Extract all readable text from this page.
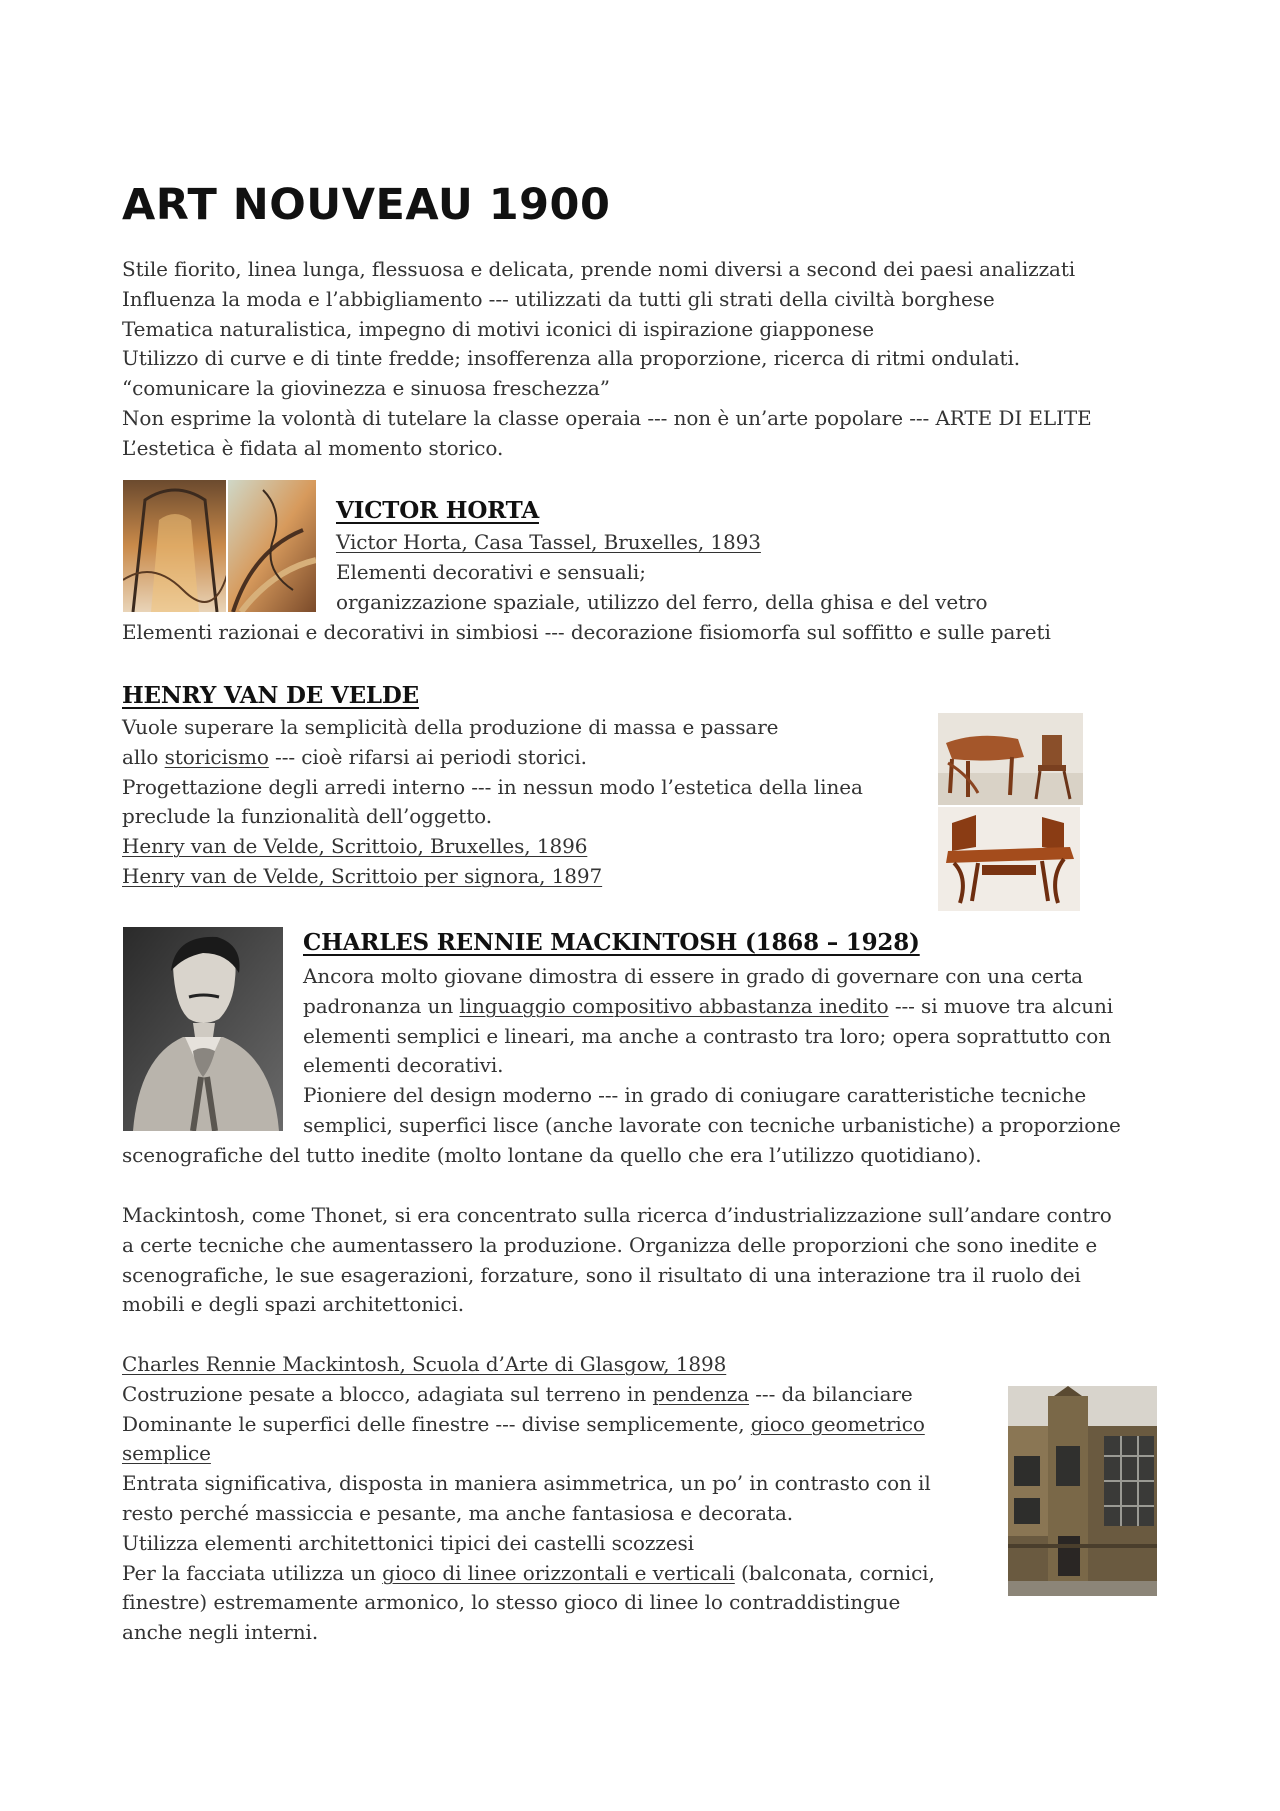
ART NOUVEAU 1900
Stile fiorito, linea lunga, flessuosa e delicata, prende nomi diversi a second dei paesi analizzati
Influenza la moda e l’abbigliamento --- utilizzati da tutti gli strati della civiltà borghese
Tematica naturalistica, impegno di motivi iconici di ispirazione giapponese
Utilizzo di curve e di tinte fredde; insofferenza alla proporzione, ricerca di ritmi ondulati.
“comunicare la giovinezza e sinuosa freschezza”
Non esprime la volontà di tutelare la classe operaia --- non è un’arte popolare --- ARTE DI ELITE
L’estetica è fidata al momento storico.
VICTOR HORTA
Victor Horta, Casa Tassel, Bruxelles, 1893
Elementi decorativi e sensuali;
organizzazione spaziale, utilizzo del ferro, della ghisa e del vetro
Elementi razionai e decorativi in simbiosi --- decorazione fisiomorfa sul soffitto e sulle pareti
HENRY VAN DE VELDE
Vuole superare la semplicità della produzione di massa e passare
allo storicismo --- cioè rifarsi ai periodi storici.
Progettazione degli arredi interno --- in nessun modo l’estetica della linea
preclude la funzionalità dell’oggetto.
Henry van de Velde, Scrittoio, Bruxelles, 1896
Henry van de Velde, Scrittoio per signora, 1897
CHARLES RENNIE MACKINTOSH (1868 – 1928)
Ancora molto giovane dimostra di essere in grado di governare con una certa
padronanza un linguaggio compositivo abbastanza inedito --- si muove tra alcuni
elementi semplici e lineari, ma anche a contrasto tra loro; opera soprattutto con
elementi decorativi.
Pioniere del design moderno --- in grado di coniugare caratteristiche tecniche
semplici, superfici lisce (anche lavorate con tecniche urbanistiche) a proporzione
scenografiche del tutto inedite (molto lontane da quello che era l’utilizzo quotidiano).
Mackintosh, come Thonet, si era concentrato sulla ricerca d’industrializzazione sull’andare contro
a certe tecniche che aumentassero la produzione. Organizza delle proporzioni che sono inedite e
scenografiche, le sue esagerazioni, forzature, sono il risultato di una interazione tra il ruolo dei
mobili e degli spazi architettonici.
Charles Rennie Mackintosh, Scuola d’Arte di Glasgow, 1898
Costruzione pesate a blocco, adagiata sul terreno in pendenza --- da bilanciare
Dominante le superfici delle finestre --- divise semplicemente, gioco geometrico
semplice
Entrata significativa, disposta in maniera asimmetrica, un po’ in contrasto con il
resto perché massiccia e pesante, ma anche fantasiosa e decorata.
Utilizza elementi architettonici tipici dei castelli scozzesi
Per la facciata utilizza un gioco di linee orizzontali e verticali (balconata, cornici,
finestre) estremamente armonico, lo stesso gioco di linee lo contraddistingue
anche negli interni.
